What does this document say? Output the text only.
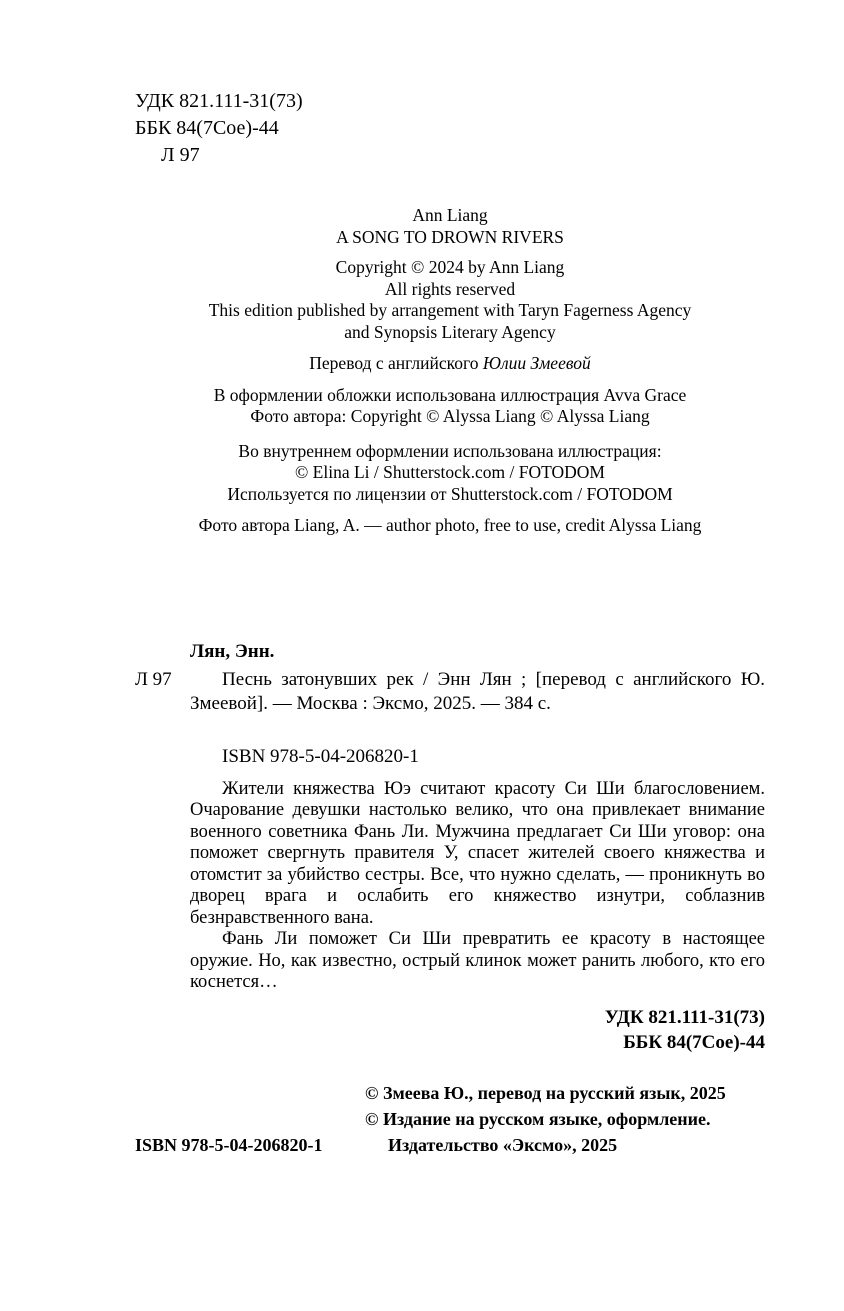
УДК 821.111-31(73)
ББК 84(7Сое)-44
Л 97
Ann Liang
A SONG TO DROWN RIVERS
Copyright © 2024 by Ann Liang
All rights reserved
This edition published by arrangement with Taryn Fagerness Agency
and Synopsis Literary Agency
Перевод с английского Юлии Змеевой
В оформлении обложки использована иллюстрация Avva Grace
Фото автора: Copyright © Alyssa Liang © Alyssa Liang
Во внутреннем оформлении использована иллюстрация:
© Elina Li / Shutterstock.com / FOTODOM
Используется по лицензии от Shutterstock.com / FOTODOM
Фото автора Liang, A. — author photo, free to use, credit Alyssa Liang
Лян, Энн.
Л 97	Песнь затонувших рек / Энн Лян ; [перевод с английского Ю. Змеевой]. — Москва : Эксмо, 2025. — 384 с.

ISBN 978-5-04-206820-1

Жители княжества Юэ считают красоту Си Ши благословением. Очарование девушки настолько велико, что она привлекает внимание военного советника Фань Ли. Мужчина предлагает Си Ши уговор: она поможет свергнуть правителя У, спасет жителей своего княжества и отомстит за убийство сестры. Все, что нужно сделать, — проникнуть во дворец врага и ослабить его княжество изнутри, соблазнив безнравственного вана.

Фань Ли поможет Си Ши превратить ее красоту в настоящее оружие. Но, как известно, острый клинок может ранить любого, кто его коснется…

УДК 821.111-31(73)
ББК 84(7Сое)-44
© Змеева Ю., перевод на русский язык, 2025
© Издание на русском языке, оформление.
ISBN 978-5-04-206820-1	Издательство «Эксмо», 2025
